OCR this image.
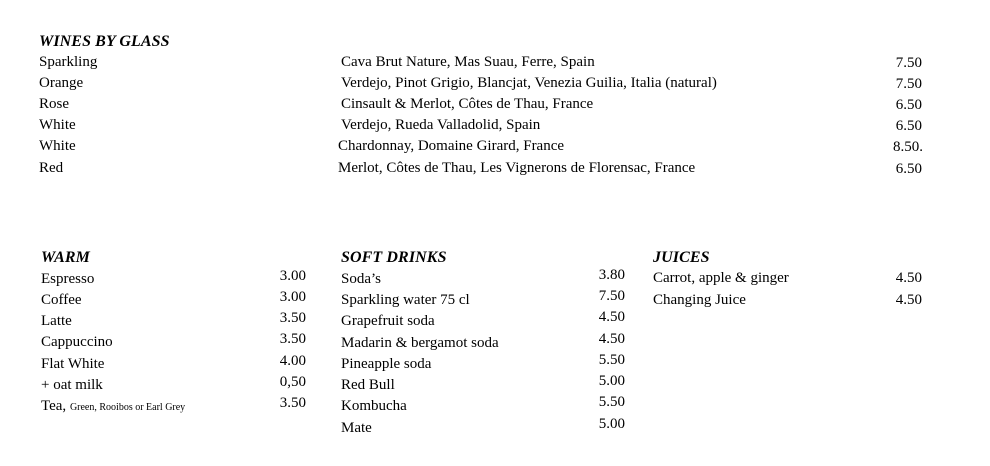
WINES BY GLASS
Sparkling	Cava Brut Nature, Mas Suau, Ferre, Spain	7.50
Orange	Verdejo, Pinot Grigio, Blancjat, Venezia Guilia, Italia (natural)	7.50
Rose	Cinsault & Merlot, Côtes de Thau, France	6.50
White	Verdejo, Rueda Valladolid, Spain	6.50
White	Chardonnay, Domaine Girard, France	8.50.
Red	Merlot, Côtes de Thau, Les Vignerons de Florensac, France	6.50
WARM
Espresso	3.00
Coffee	3.00
Latte	3.50
Cappuccino	3.50
Flat White	4.00
+ oat milk	0,50
Tea, Green, Rooibos or Earl Grey	3.50
SOFT DRINKS
Soda’s	3.80
Sparkling water 75 cl	7.50
Grapefruit soda	4.50
Madarin & bergamot soda	4.50
Pineapple soda	5.50
Red Bull	5.00
Kombucha	5.50
Mate	5.00
JUICES
Carrot, apple & ginger	4.50
Changing Juice	4.50
